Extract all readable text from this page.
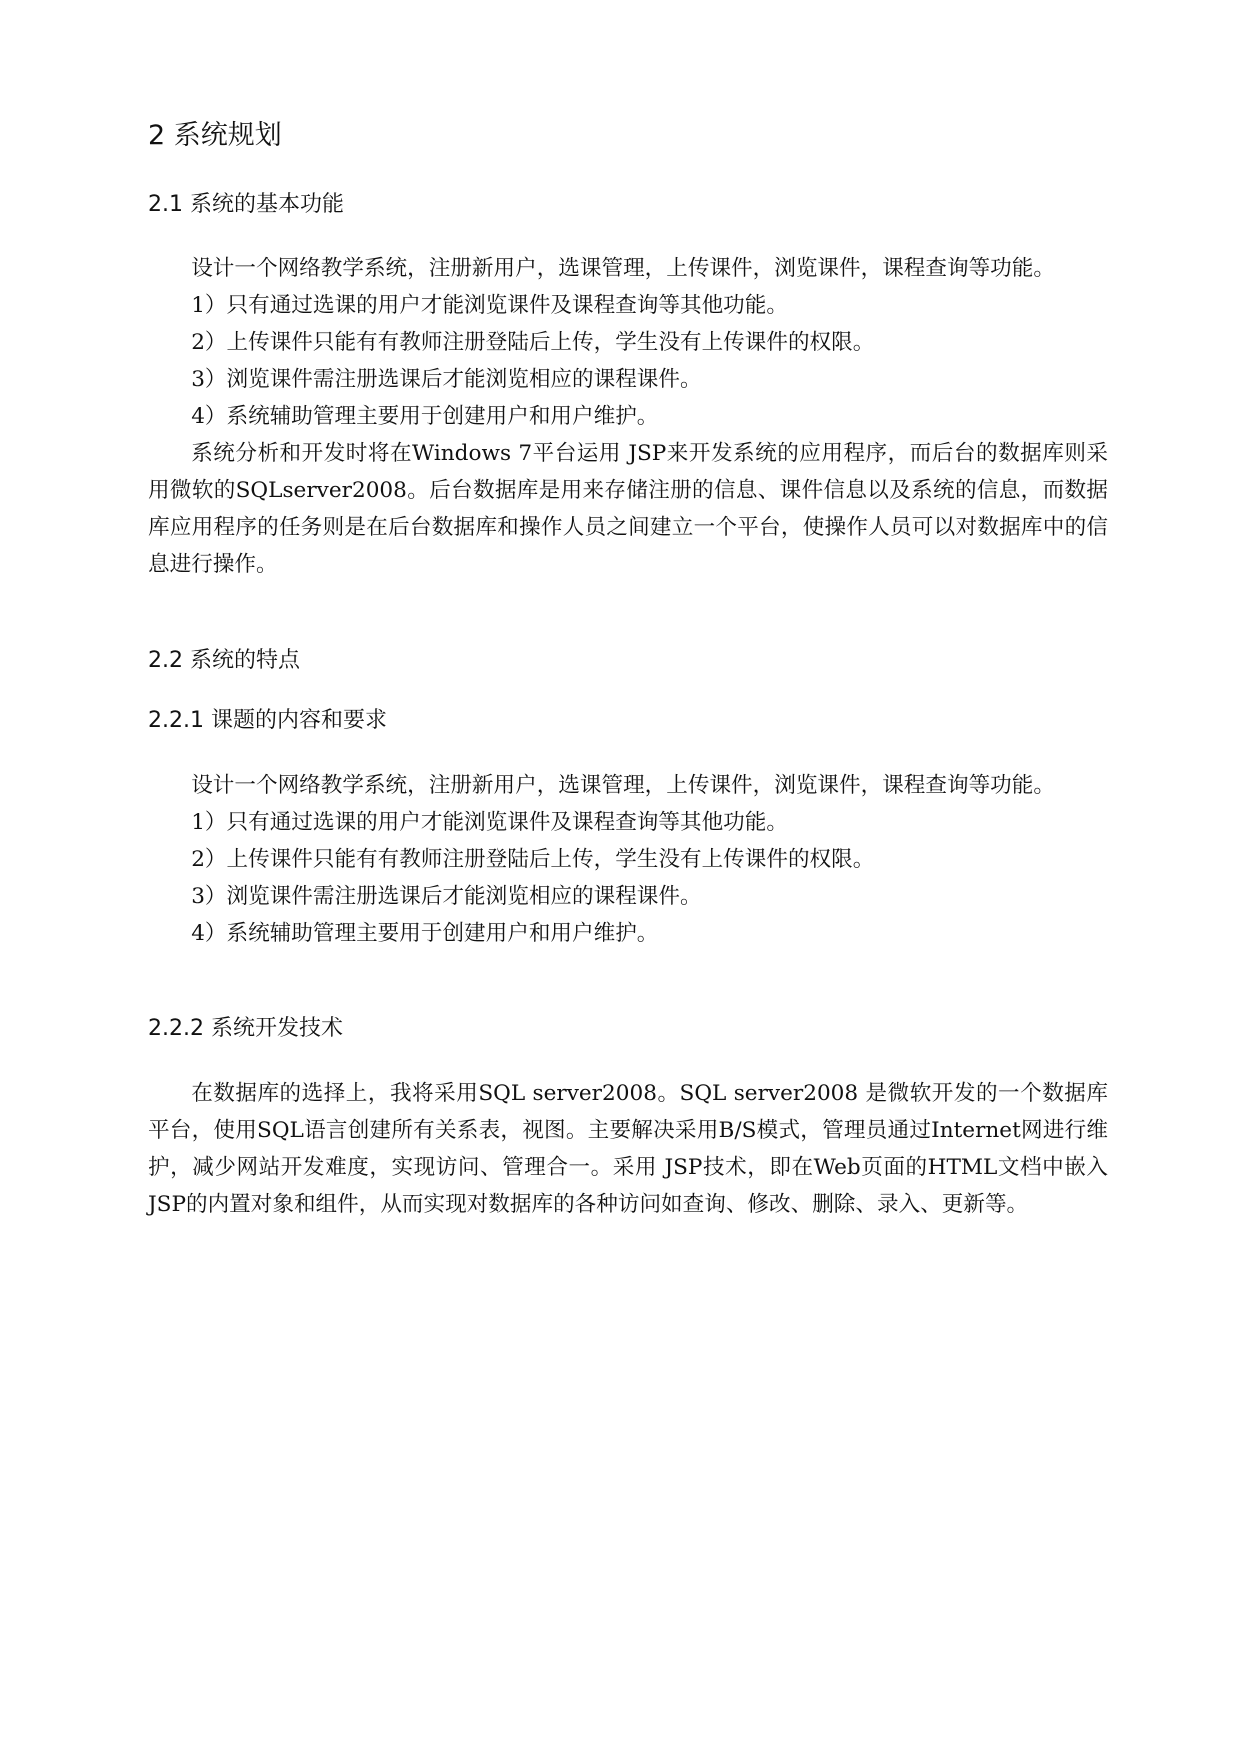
2 系统规划
2.1 系统的基本功能

设计一个网络教学系统，注册新用户，选课管理，上传课件，浏览课件，课程查询等功能。

1）只有通过选课的用户才能浏览课件及课程查询等其他功能。

2）上传课件只能有有教师注册登陆后上传，学生没有上传课件的权限。

3）浏览课件需注册选课后才能浏览相应的课程课件。

4）系统辅助管理主要用于创建用户和用户维护。

系统分析和开发时将在Windows 7平台运用 JSP来开发系统的应用程序，而后台的数据库则采用微软的SQLserver2008。后台数据库是用来存储注册的信息、课件信息以及系统的信息，而数据库应用程序的任务则是在后台数据库和操作人员之间建立一个平台，使操作人员可以对数据库中的信息进行操作。

2.2 系统的特点
2.2.1 课题的内容和要求

设计一个网络教学系统，注册新用户，选课管理，上传课件，浏览课件，课程查询等功能。

1）只有通过选课的用户才能浏览课件及课程查询等其他功能。

2）上传课件只能有有教师注册登陆后上传，学生没有上传课件的权限。

3）浏览课件需注册选课后才能浏览相应的课程课件。

4）系统辅助管理主要用于创建用户和用户维护。

2.2.2 系统开发技术

在数据库的选择上，我将采用SQL server2008。SQL server2008 是微软开发的一个数据库平台，使用SQL语言创建所有关系表，视图。主要解决采用B/S模式，管理员通过Internet网进行维护，减少网站开发难度，实现访问、管理合一。采用 JSP技术，即在Web页面的HTML文档中嵌入 JSP的内置对象和组件，从而实现对数据库的各种访问如查询、修改、删除、录入、更新等。
